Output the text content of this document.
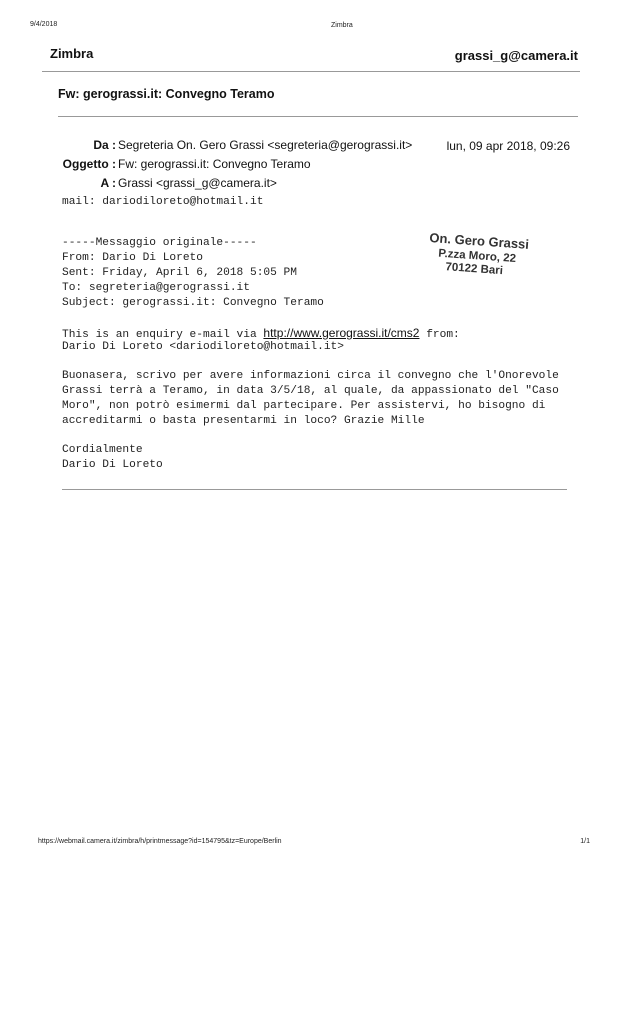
9/4/2018	Zimbra
Zimbra	grassi_g@camera.it
Fw: gerograssi.it: Convegno Teramo
Da : Segreteria On. Gero Grassi <segreteria@gerograssi.it>	lun, 09 apr 2018, 09:26
Oggetto : Fw: gerograssi.it: Convegno Teramo
A : Grassi <grassi_g@camera.it>
mail: dariodiloreto@hotmail.it
-----Messaggio originale-----
From: Dario Di Loreto
Sent: Friday, April 6, 2018 5:05 PM
To: segreteria@gerograssi.it
Subject: gerograssi.it: Convegno Teramo
This is an enquiry e-mail via http://www.gerograssi.it/cms2 from:
Dario Di Loreto <dariodiloreto@hotmail.it>
Buonasera, scrivo per avere informazioni circa il convegno che l'Onorevole
Grassi terrà a Teramo, in data 3/5/18, al quale, da appassionato del "Caso
Moro", non potrò esimermi dal partecipare. Per assistervi, ho bisogno di
accreditarmi o basta presentarmi in loco? Grazie Mille
Cordialmente
Dario Di Loreto
On. Gero Grassi
P.zza Moro, 22
70122 Bari
https://webmail.camera.it/zimbra/h/printmessage?id=154795&tz=Europe/Berlin	1/1
